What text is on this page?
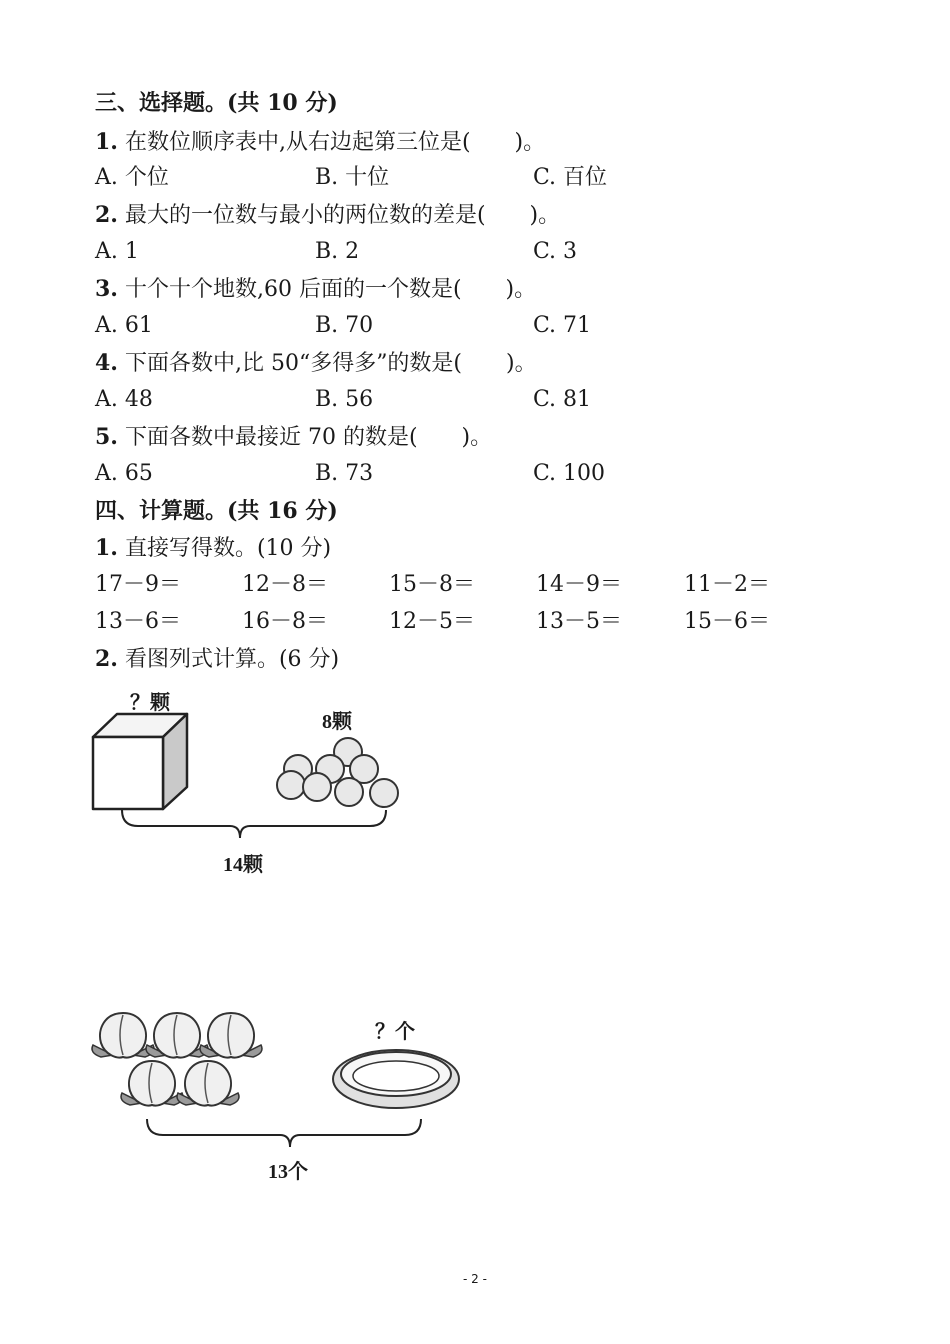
三、选择题。(共 10 分)
1. 在数位顺序表中,从右边起第三位是(　　)。
A. 个位	B. 十位	C. 百位
2. 最大的一位数与最小的两位数的差是(　　)。
A. 1	B. 2	C. 3
3. 十个十个地数,60 后面的一个数是(　　)。
A. 61	B. 70	C. 71
4. 下面各数中,比 50“多得多”的数是(　　)。
A. 48	B. 56	C. 81
5. 下面各数中最接近 70 的数是(　　)。
A. 65	B. 73	C. 100
四、计算题。(共 16 分)
1. 直接写得数。(10 分)
17－9＝	12－8＝	15－8＝	14－9＝	11－2＝
13－6＝	16－8＝	12－5＝	13－5＝	15－6＝
2. 看图列式计算。(6 分)
？颗
8颗
14颗
？个
13个
- 2 -
